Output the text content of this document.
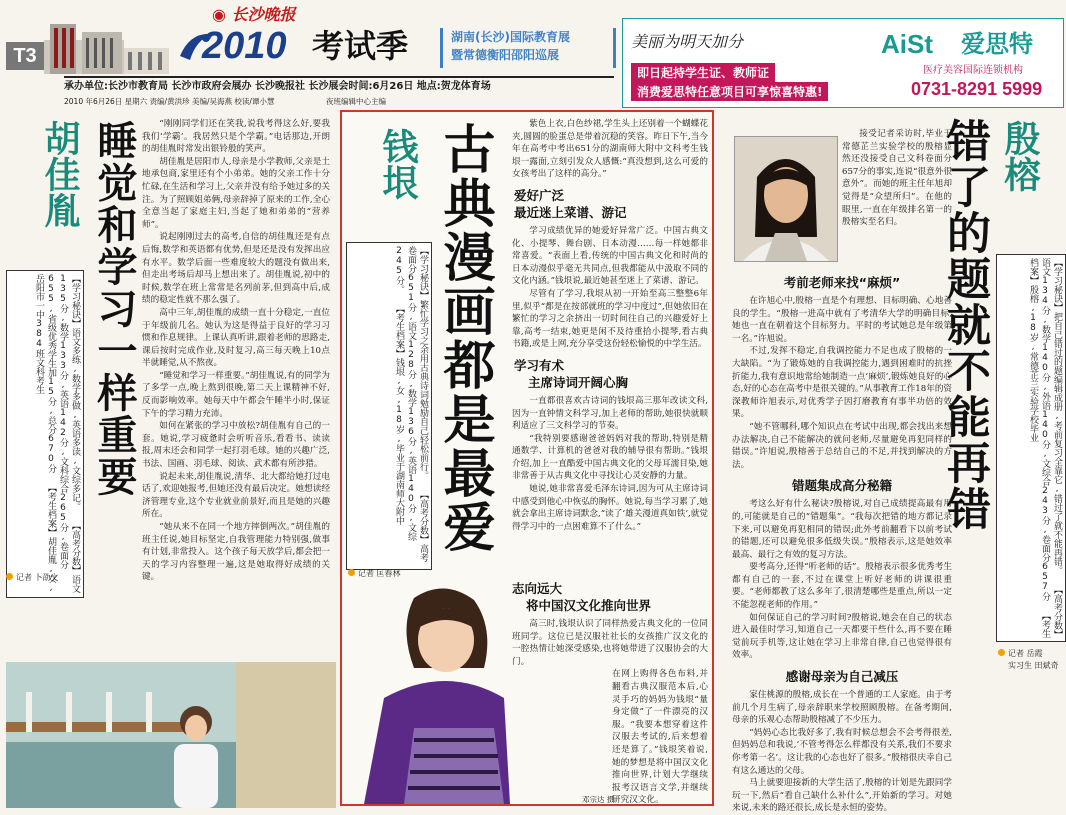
T3
◉ 长沙晚报
2010 考试季	湖南(长沙)国际教育展
暨常德衡阳邵阳巡展
承办单位:长沙市教育局 长沙市政府会展办 长沙晚报社 长沙展会时间:6月26日 地点:贺龙体育场
2010 年6月26日 星期六 责编/黄洪珍 美编/吴海燕 校读/谭小慧	夜班编辑中心主编
美丽为明天加分	AiSt 爱思特
医疗美容国际连锁机构
即日起持学生证、教师证
消费爱思特任意项目可享惊喜特惠!	0731-8291 5999
胡佳胤 睡觉和学习一样重要
【学习秘诀】语文多练,数学多做,英语多读,文综多记。 【高考分数】语文135分,数学133分,英语142分,文科综合265分,卷面分655,省级优秀学生加15分,总分670分 【考生档案】胡佳胤,女,岳阳市一中384班文科考生
记者 卜劭文

“刚刚同学们还在笑我,说我考得这么好,要我我们‘学霸’。我居然只是个学霸。”电话那边,开朗的胡佳胤时常发出银铃般的笑声。

胡佳胤是居阳市人,母亲是小学教师,父亲是土地承包商,家里还有个小弟弟。她的父亲工作十分忙碌,在生活和学习上,父亲并没有给予她过多的关注。为了照顾姐弟俩,母亲辞掉了原来的工作,全心全意当起了家庭主妇,当起了她和弟弟的“营养师”。

说起刚刚过去的高考,自信的胡佳胤还是有点后悔,数学和英语都有优势,但是还是没有发挥出应有水平。数学后面一些难度较大的题没有做出来,但走出考场后却马上想出来了。胡佳胤说,初中的时候,数学在班上常常是名列前茅,但到高中后,成绩的稳定性就不那么强了。

高中三年,胡佳胤的成绩一直十分稳定,一直位于年级前几名。她认为这是得益于良好的学习习惯和作息规律。上课认真听讲,跟着老师的思路走,课后按时完成作业,及时复习,高三每天晚上10点半就睡觉,从不熬夜。

“睡觉和学习一样重要。”胡佳胤说,有的同学为了多学一点,晚上熬到很晚,第二天上课精神不好,反而影响效率。她每天中午都会午睡半小时,保证下午的学习精力充沛。

如何在紧张的学习中放松?胡佳胤有自己的一套。她说,学习疲惫时会听听音乐,看看书、读读报,周末还会和同学一起打羽毛球。她的兴趣广泛,书法、国画、羽毛球、阅读、武术都有所涉猎。

说起未来,胡佳胤说,清华、北大都给她打过电话了,欢迎她报考,但她还没有最后决定。她想读经济管理专业,这个专业就业前景好,而且是她的兴趣所在。

“她从来不在同一个地方摔倒两次。”胡佳胤的班主任说,她目标坚定,自我管理能力特别强,做事有计划,非常投入。这个孩子每天放学后,都会把一天的学习内容整理一遍,这是她取得好成绩的关键。

钱垠 古典漫画都是最爱
【学习秘诀】繁忙学习之余用古典诗词勉励自己轻松前行。 【高考分数】高考卷面分651分,语文128分,数学136分,英语140分,文综245分。 【考生档案】钱垠,女,18岁,毕业于湖南师大附中
记者 匡春林

紫色上衣,白色纱裙,学生头上还别着一个蝴蝶花夹,圆圆的脸蛋总是带着沉稳的笑容。昨日下午,当今年在高考中考出651分的湖南师大附中文科考生钱垠一露面,立刻引发众人感慨:“真没想到,这么可爱的女孩考出了这样的高分。”

爱好广泛
最近迷上菜谱、游记

学习成绩优异的她爱好异常广泛。中国古典文化、小提琴、舞台剧、日本动漫……每一样她都非常喜爱。“表面上看,传统的中国古典文化和时尚的日本动漫似乎毫无共同点,但我都能从中汲取不同的文化内涵。”钱垠说,最近她甚至迷上了菜谱、游记。

尽管有了学习,我垠从初一开始至高三整整6年里,似乎“都是在按部就班的学习中度过”,但她依旧在繁忙的学习之余挤出一切时间往自己的兴趣爱好上靠,高考一结束,她更是闲不及待重拾小提琴,看古典书籍,或是上网,充分享受这份轻松愉悦的中学生活。

学习有术
主席诗词开阔心胸

一直都很喜欢古诗词的钱垠高三那年改读文科,因为一直钟情文科学习,加上老师的帮助,她很快就顺利适应了三文科学习的节奏。

“我特别要感谢爸爸妈妈对我的帮助,特别是精通数学、计算机的爸爸对我的辅导很有帮助。”钱垠介绍,加上一直酷爱中国古典文化的父母耳濡目染,她非常善于从古典文化中寻找让心灵安静的力量。

她说,她非常喜爱毛泽东诗词,因为可从主席诗词中感受到他心中恢弘的胸怀。她说,每当学习累了,她就会拿出主席诗词默念,“读了‘雄关漫道真如铁’,就觉得学习中的一点困难算不了什么。”

志向远大
将中国汉文化推向世界

高三时,钱垠认识了同样热爱古典文化的一位同班同学。这位已是汉服社社长的女孩推广汉文化的一腔热情让她深受感染,也将她带进了汉服协会的大门。

在网上购得各色布料,并翻看古典汉服范本后,心灵手巧的妈妈为钱垠“量身定做”了一件漂亮的汉服。“我要本想穿着这件汉服去考试的,后来想着还是算了。”钱垠笑着说,她的梦想是将中国汉文化推向世界,计划大学继续报考汉语言文学,并继续研究汉文化。

邓宗达 摄
接受记者采访时,毕业于常德芷兰实验学校的殷榕显然还没接受自己文科卷面分657分的事实,连说“很意外很意外”。而她的班主任年旭却觉得是“众望所归”。在他的眼里,一直在年级排名第一的殷榕实至名归。 错了的题就不能再错 殷榕
【学习秘诀】把自己错过的题编辑成册,考前复习全靠它,错过了就不能再错。 【高考分数】语文134分,数学140分,外语140分,文综合243分,卷面分657分 【考生档案】殷榕,18岁,常德芷兰实验学校毕业
记者 岳霞
实习生 田斌奇
考前老师来找“麻烦”

在许旭心中,殷榕一直是个有理想、目标明确、心地善良的学生。“殷榕一进高中就有了考清华大学的明确目标,她也一直在朝着这个目标努力。平时的考试她总是年级第一名。”许旭说。

不过,发挥不稳定,自我调控能力不足也成了殷榕的一大缺陷。“为了锻炼她的自我调控能力,遇到困难时的抗挫折能力,我有意识地常给她制造一点‘麻烦’,锻炼她良好的心态,好的心态在高考中是很关键的。”从事教育工作18年的资深教师许旭表示,对优秀学子因打磨教育有事半功倍的效果。

“她不管哪科,哪个知识点在考试中出现,都会找出来想办法解决,自己不能解决的就问老师,尽量避免再犯同样的错误。”许旭说,殷榕善于总结自己的不足,并找到解决的方法。

错题集成高分秘籍

考这么好有什么秘诀?殷榕说,对自己成绩提高最有用的,可能就是自己的“错题集”。“我每次把错的地方都记录下来,可以避免再犯相同的错误;此外考前翻看下以前考试的错题,还可以避免很多低级失误。”殷榕表示,这是她效率最高、最行之有效的复习方法。

要考高分,还得“听老师的话”。殷榕表示很多优秀考生都有自己的一套,不过在课堂上听好老师的讲课很重要。“老师都教了这么多年了,很清楚哪些是重点,所以一定不能忽视老师的作用。”

如何保证自己的学习时间?殷榕说,她会在自己的状态进入最佳时学习,知道自己一天都要干些什么,再不要在睡觉前玩手机等,这让她在学习上非常自律,自己也觉得很有效率。

感谢母亲为自己减压

家住桃源的殷榕,成长在一个普通的工人家庭。由于考前几个月生病了,母亲辞职来学校照顾殷榕。在备考期间,母亲的乐观心态帮助殷榕减了不少压力。

“妈妈心态比我好多了,我有时候总想会不会考得很差,但妈妈总和我说,‘不管考得怎么样都没有关系,我们不要求你考第一名’。这让我的心态也好了很多。”殷榕很庆幸自己有这么通达的父母。

马上就要迎接新的大学生活了,殷榕的计划是先跟同学玩一下,然后“看自己缺什么补什么”,开始新的学习。对她来说,未来的路还很长,成长是永恒的姿势。
